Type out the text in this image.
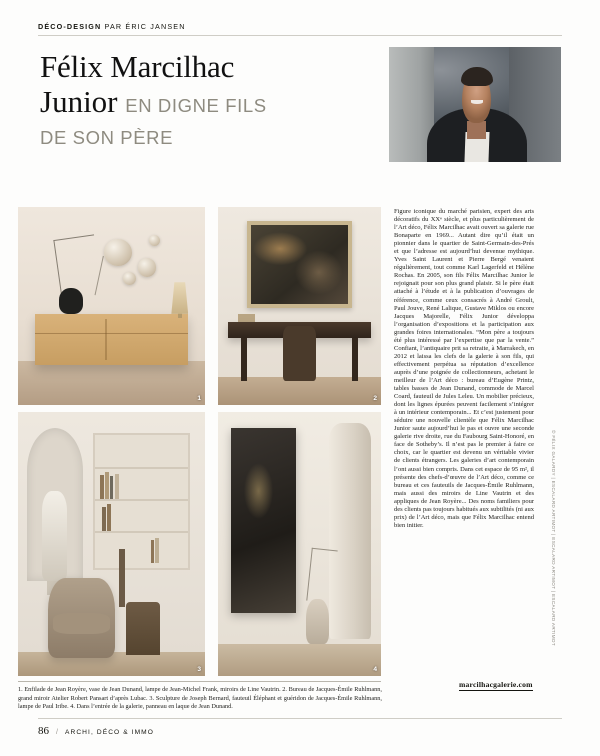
DÉCO-DESIGN PAR ÉRIC JANSEN
Félix Marcilhac
Junior EN DIGNE FILS
DE SON PÈRE
1	2
3	4

Figure iconique du marché parisien, expert des arts décoratifs du XXᵉ siècle, et plus particulièrement de l’Art déco, Félix Marcilhac avait ouvert sa galerie rue Bonaparte en 1969... Autant dire qu’il était un pionnier dans le quartier de Saint-Germain-des-Prés et que l’adresse est aujourd’hui devenue mythique. Yves Saint Laurent et Pierre Bergé venaient régulièrement, tout comme Karl Lagerfeld et Hélène Rochas. En 2005, son fils Félix Marcilhac Junior le rejoignait pour son plus grand plaisir. Si le père était attaché à l’étude et à la publication d’ouvrages de référence, comme ceux consacrés à André Groult, Paul Jouve, René Lalique, Gustave Miklos ou encore Jacques Majorelle, Félix Junior développa l’organisation d’expositions et la participation aux grandes foires internationales. “Mon père a toujours été plus intéressé par l’expertise que par la vente.” Confiant, l’antiquaire prit sa retraite, à Marrakech, en 2012 et laissa les clefs de la galerie à son fils, qui effectivement perpétua sa réputation d’excellence auprès d’une poignée de collectionneurs, achetant le meilleur de l’Art déco : bureau d’Eugène Printz, tables basses de Jean Dunand, commode de Marcel Coard, fauteuil de Jules Leleu. Un mobilier précieux, dont les lignes épurées peuvent facilement s’intégrer à un intérieur contemporain... Et c’est justement pour séduire une nouvelle clientèle que Félix Marcilhac Junior saute aujourd’hui le pas et ouvre une seconde galerie rive droite, rue du Faubourg Saint-Honoré, en face de Sotheby’s. Il n’est pas le premier à faire ce choix, car le quartier est devenu un véritable vivier de clients étrangers. Les galeries d’art contemporain l’ont aussi bien compris. Dans cet espace de 95 m², il présente des chefs-d’œuvre de l’Art déco, comme ce bureau et ces fauteuils de Jacques-Émile Ruhlmann, mais aussi des miroirs de Line Vautrin et des appliques de Jean Royère... Des noms familiers pour des clients pas toujours habitués aux subtilités (ni aux prix) de l’Art déco, mais que Félix Marcilhac entend bien initier.

marcilhacgalerie.com
© FÉLIX GALARDY | ESCALARD ARTIMOT | ESCALARD ARTIMOT | ESCALARD ARTIMOT
1. Enfilade de Jean Royère, vase de Jean Dunand, lampe de Jean-Michel Frank, miroirs de Line Vautrin. 2. Bureau de Jacques-Émile Ruhlmann, grand miroir Atelier Robert Pansart d’après Lubac. 3. Sculpture de Joseph Bernard, fauteuil Éléphant et guéridon de Jacques-Émile Ruhlmann, lampe de Paul Iribe. 4. Dans l’entrée de la galerie, panneau en laque de Jean Dunand.
86 / ARCHI, DÉCO & IMMO
